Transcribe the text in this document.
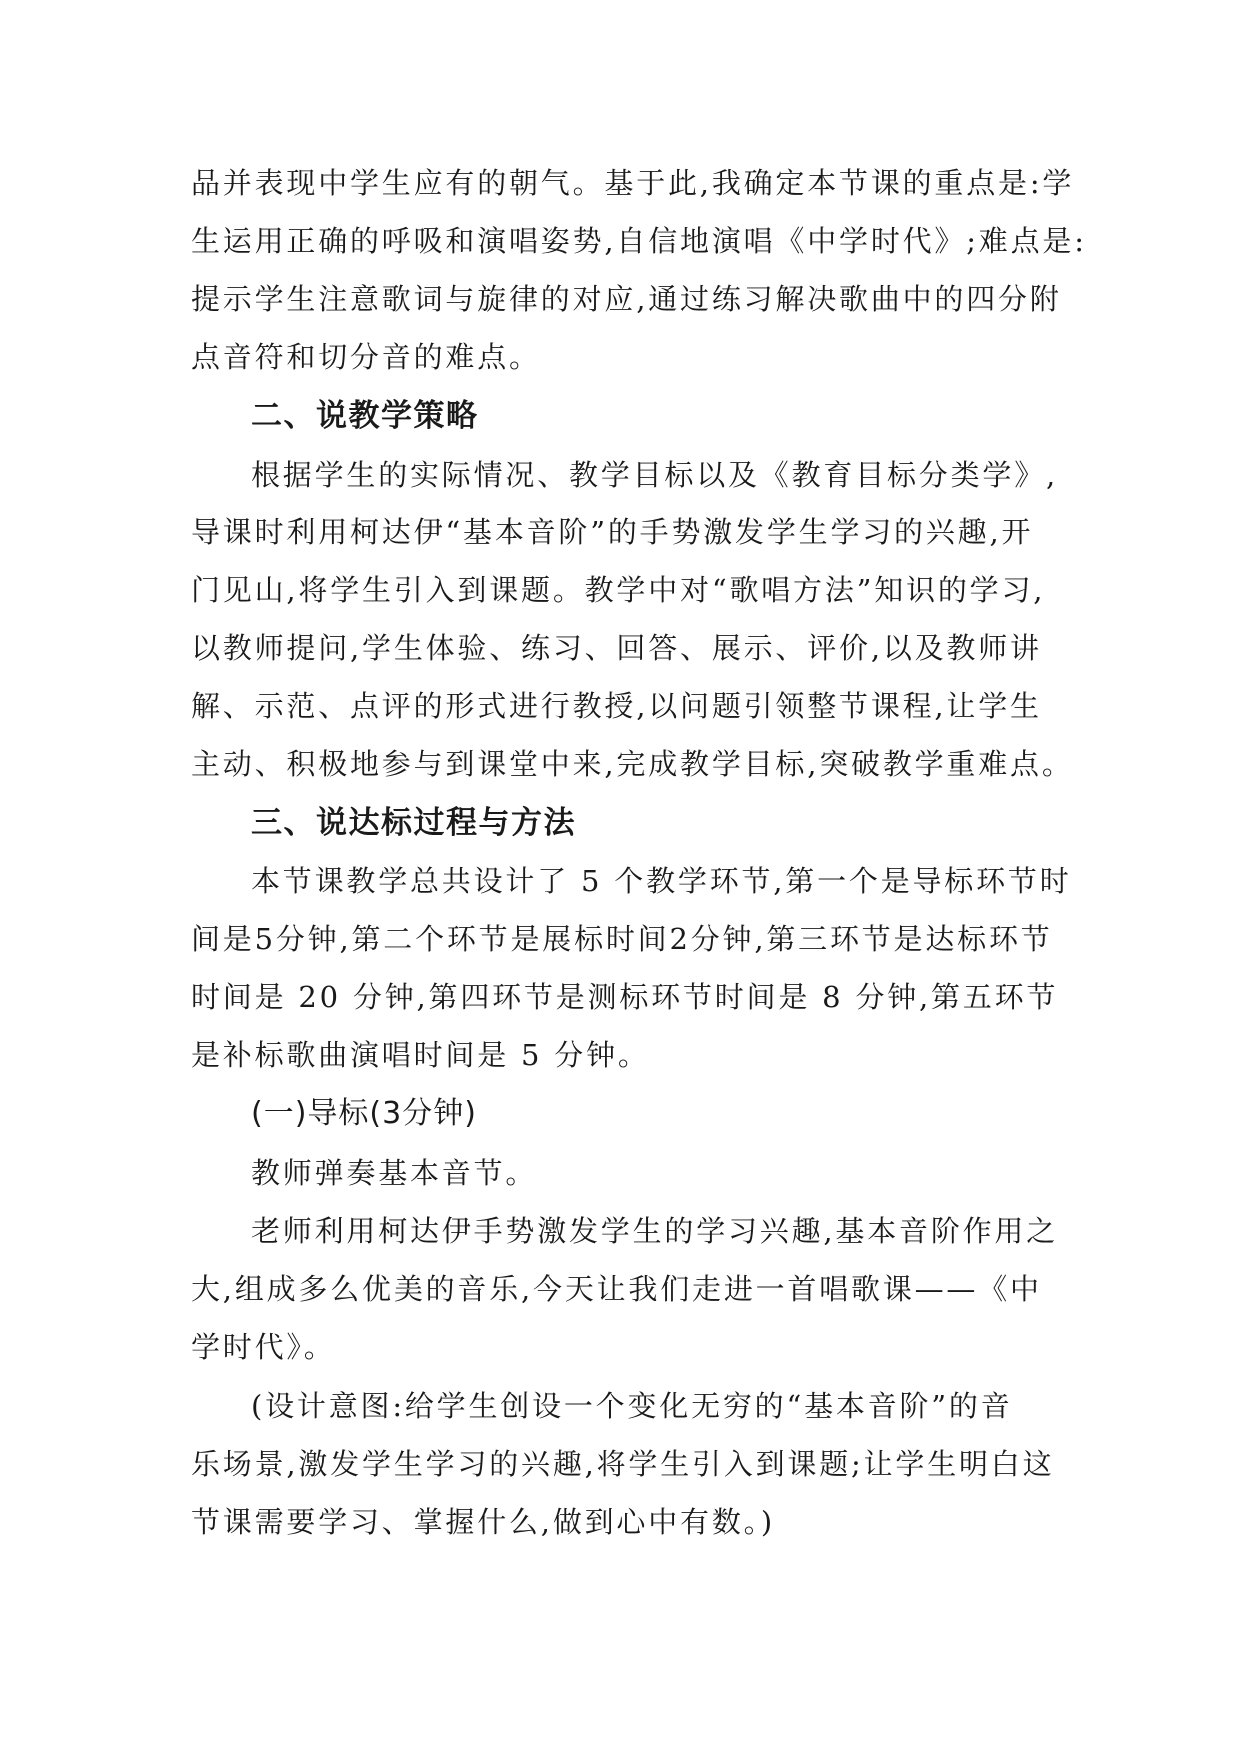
品并表现中学生应有的朝气。基于此,我确定本节课的重点是:学
生运用正确的呼吸和演唱姿势,自信地演唱《中学时代》;难点是:
提示学生注意歌词与旋律的对应,通过练习解决歌曲中的四分附
点音符和切分音的难点。
二、说教学策略
根据学生的实际情况、教学目标以及《教育目标分类学》,
导课时利用柯达伊“基本音阶”的手势激发学生学习的兴趣,开
门见山,将学生引入到课题。教学中对“歌唱方法”知识的学习,
以教师提问,学生体验、练习、回答、展示、评价,以及教师讲
解、示范、点评的形式进行教授,以问题引领整节课程,让学生
主动、积极地参与到课堂中来,完成教学目标,突破教学重难点。
三、说达标过程与方法
本节课教学总共设计了 5 个教学环节,第一个是导标环节时
间是5分钟,第二个环节是展标时间2分钟,第三环节是达标环节
时间是 20 分钟,第四环节是测标环节时间是 8 分钟,第五环节
是补标歌曲演唱时间是 5 分钟。
(一)导标(3分钟)
教师弹奏基本音节。
老师利用柯达伊手势激发学生的学习兴趣,基本音阶作用之
大,组成多么优美的音乐,今天让我们走进一首唱歌课——《中
学时代》。
(设计意图:给学生创设一个变化无穷的“基本音阶”的音
乐场景,激发学生学习的兴趣,将学生引入到课题;让学生明白这
节课需要学习、掌握什么,做到心中有数。)
